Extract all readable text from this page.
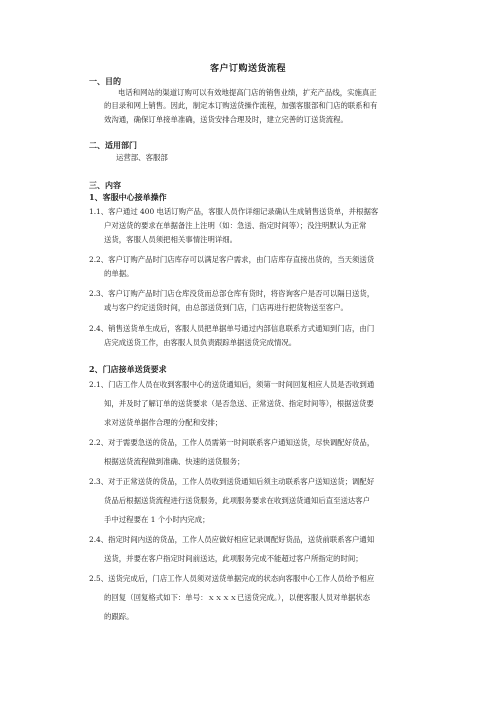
客户订购送货流程
一、目的
电话和网站的渠道订购可以有效地提高门店的销售业绩，扩充产品线，实施真正
的目录和网上销售。因此，制定本订购送货操作流程，加强客服部和门店的联系和有
效沟通，确保订单接单准确，送货安排合理及时，建立完善的订送货流程。
二、适用部门
运营部、客服部
三、内容
1、客服中心接单操作
1.1、客户通过 400 电话订购产品，客服人员作详细记录确认生成销售送货单，并根据客
户对送货的要求在单据备注上注明（如：急送、指定时间等）；没注明默认为正常
送货，客服人员须把相关事情注明详细。
2.2、客户订购产品时门店库存可以满足客户需求，由门店库存直接出货的，当天须送货
的单据。
2.3、客户订购产品时门店仓库没货而总部仓库有货时，将咨询客户是否可以隔日送货，
或与客户约定送货时间，由总部送货到门店，门店再进行把货物送至客户。
2.4、销售送货单生成后，客服人员把单据单号通过内部信息联系方式通知到门店，由门
店完成送货工作，由客服人员负责跟踪单据送货完成情况。
2、门店接单送货要求
2.1、门店工作人员在收到客服中心的送货通知后，须第一时间回复相应人员是否收到通
知，并及时了解订单的送货要求（是否急送、正常送货、指定时间等），根据送货要
求对送货单据作合理的分配和安排；
2.2、对于需要急送的货品，工作人员需第一时间联系客户通知送货，尽快调配好货品，
根据送货流程做到准确、快速的送货服务；
2.3、对于正常送货的货品，工作人员收到送货通知后须主动联系客户送知送货；调配好
货品后根据送货流程进行送货服务，此项服务要求在收到送货通知后直至送达客户
手中过程要在 1 个小时内完成；
2.4、指定时间内送的货品，工作人员应做好相应记录调配好货品，送货前联系客户通知
送货，并要在客户指定时间前送达，此项服务完成不能超过客户所指定的时间；
2.5、送货完成后，门店工作人员须对送货单据完成的状态向客服中心工作人员给予相应
的回复（回复格式如下：单号：ｘｘｘｘ已送货完成。），以便客服人员对单据状态
的跟踪。
